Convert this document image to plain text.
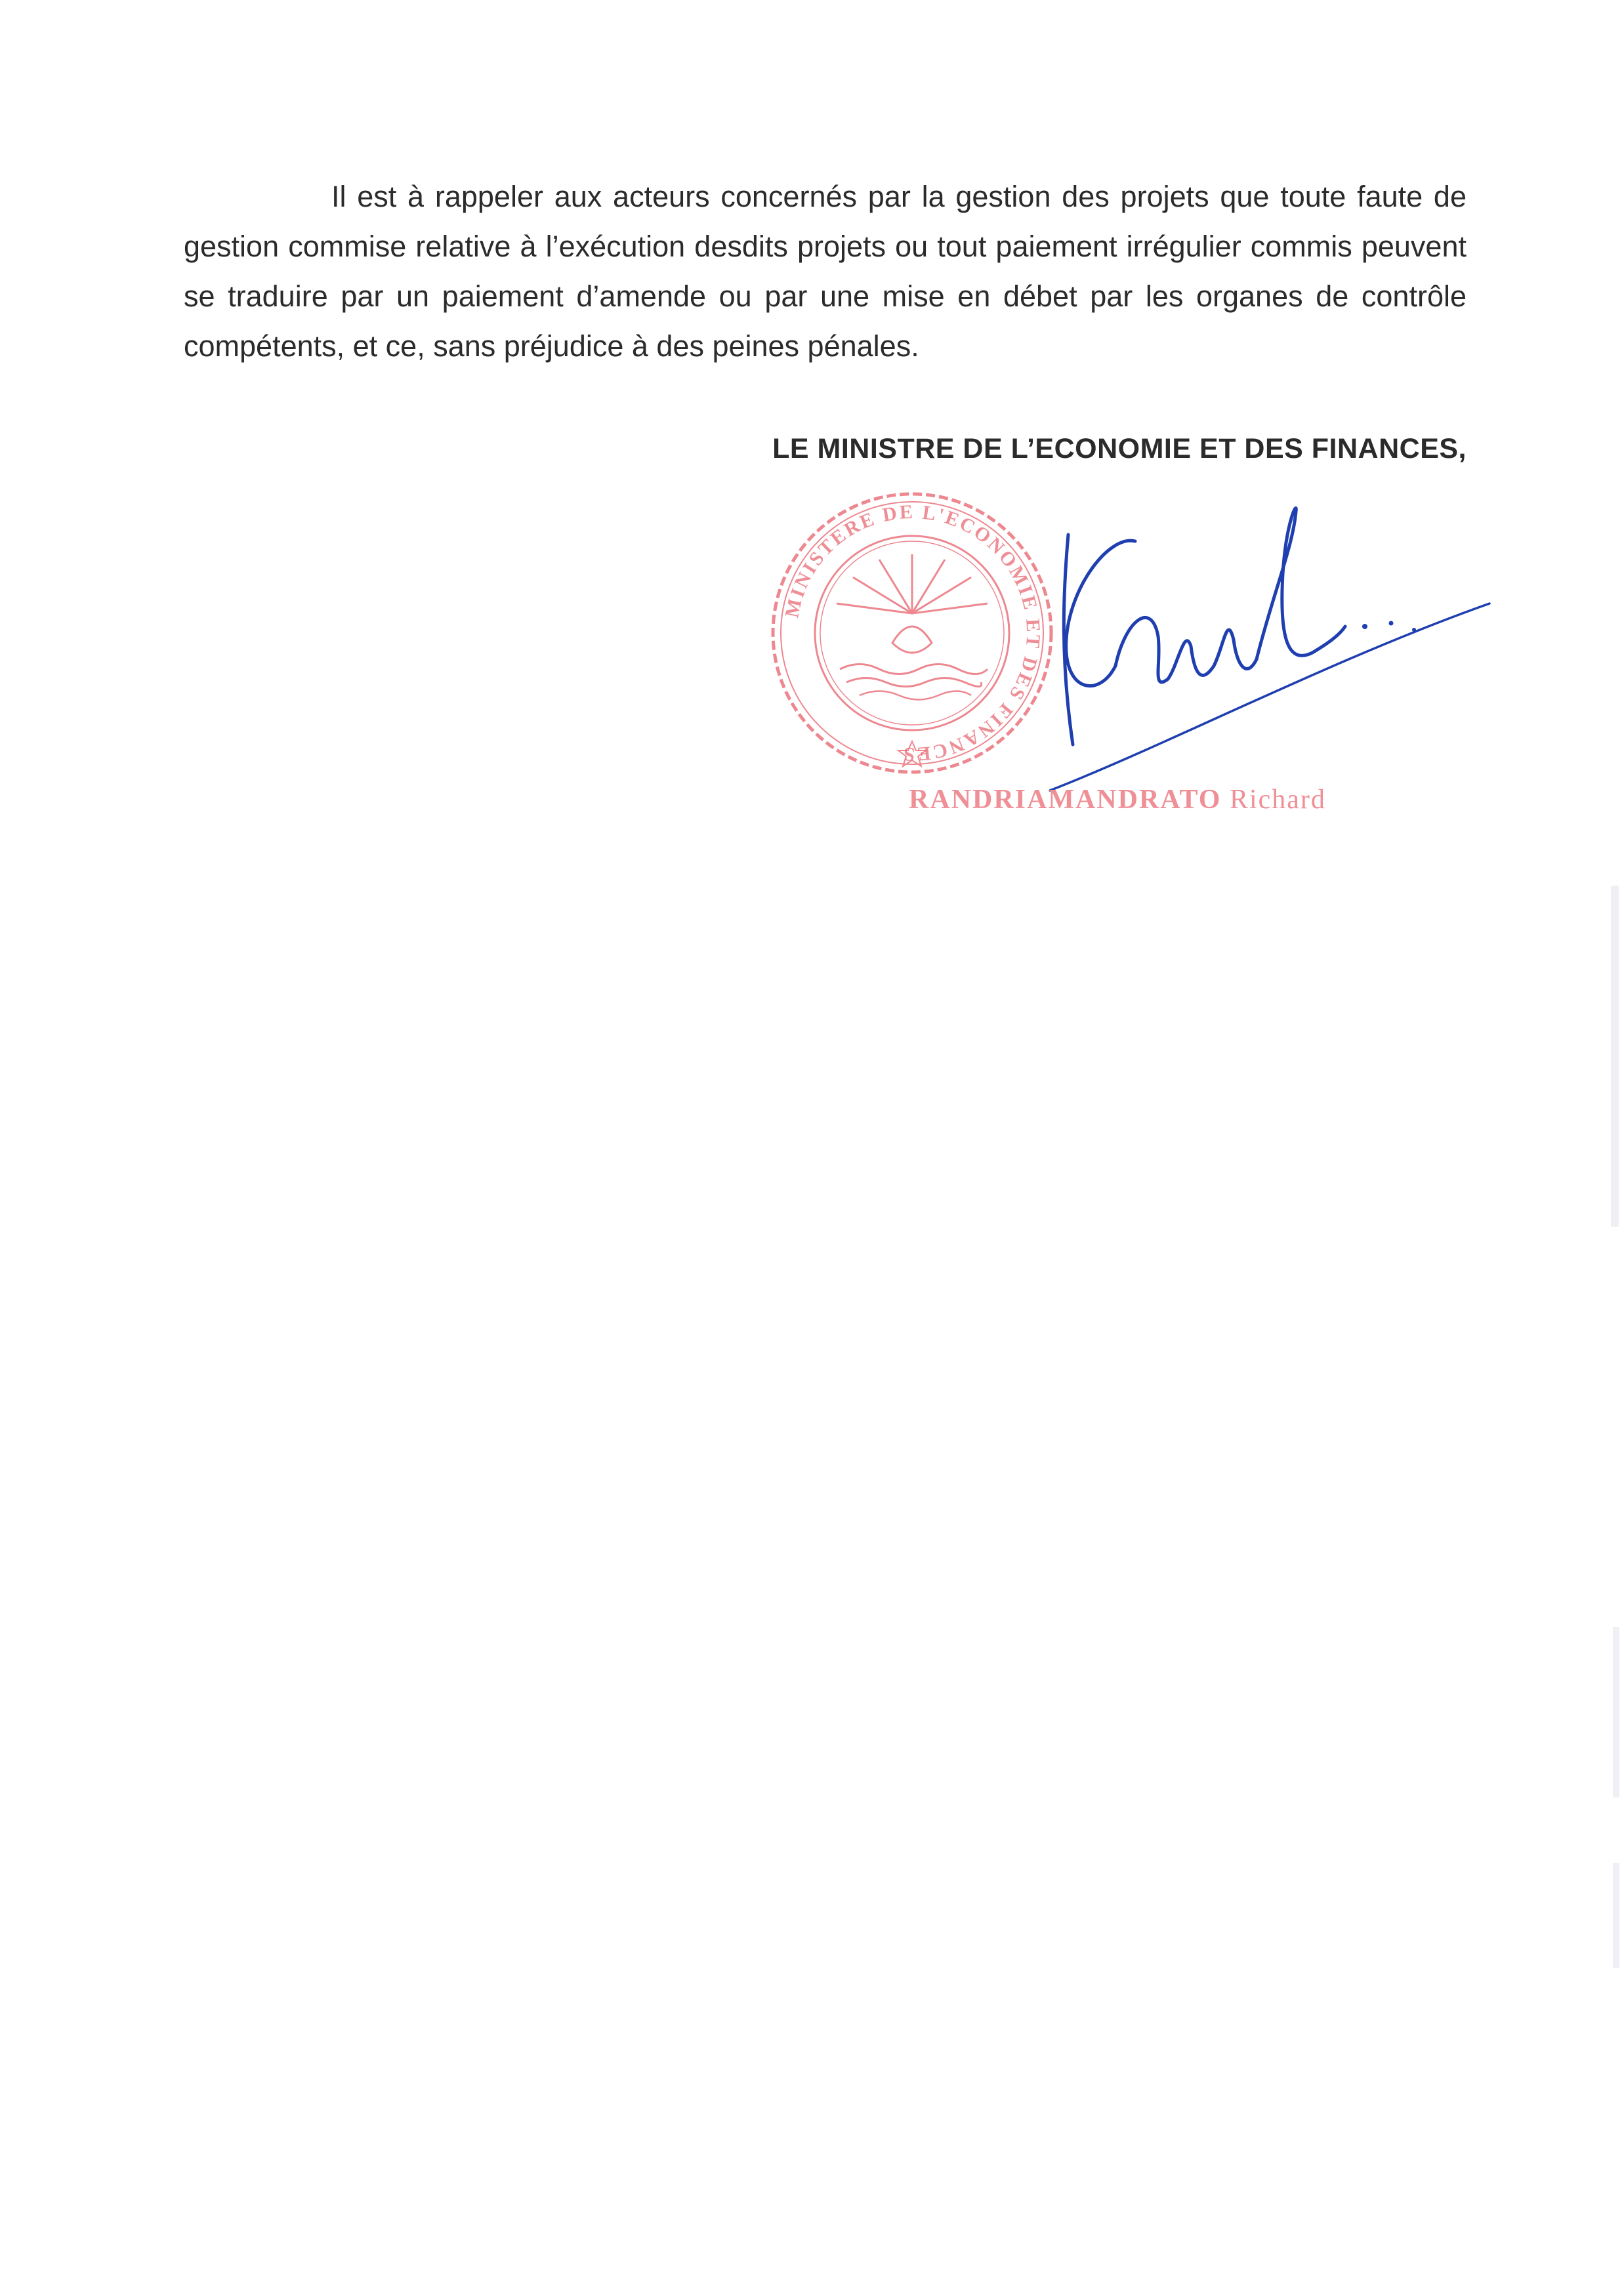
Il est à rappeler aux acteurs concernés par la gestion des projets que toute faute de gestion commise relative à l’exécution desdits projets ou tout paiement irrégulier commis peuvent se traduire par un paiement d’amende ou par une mise en débet par les organes de contrôle compétents, et ce, sans préjudice à des peines pénales.

LE MINISTRE DE L’ECONOMIE ET DES FINANCES,
MINISTERE DE L'ECONOMIE ET DES FINANCES
RANDRIAMANDRATO Richard
